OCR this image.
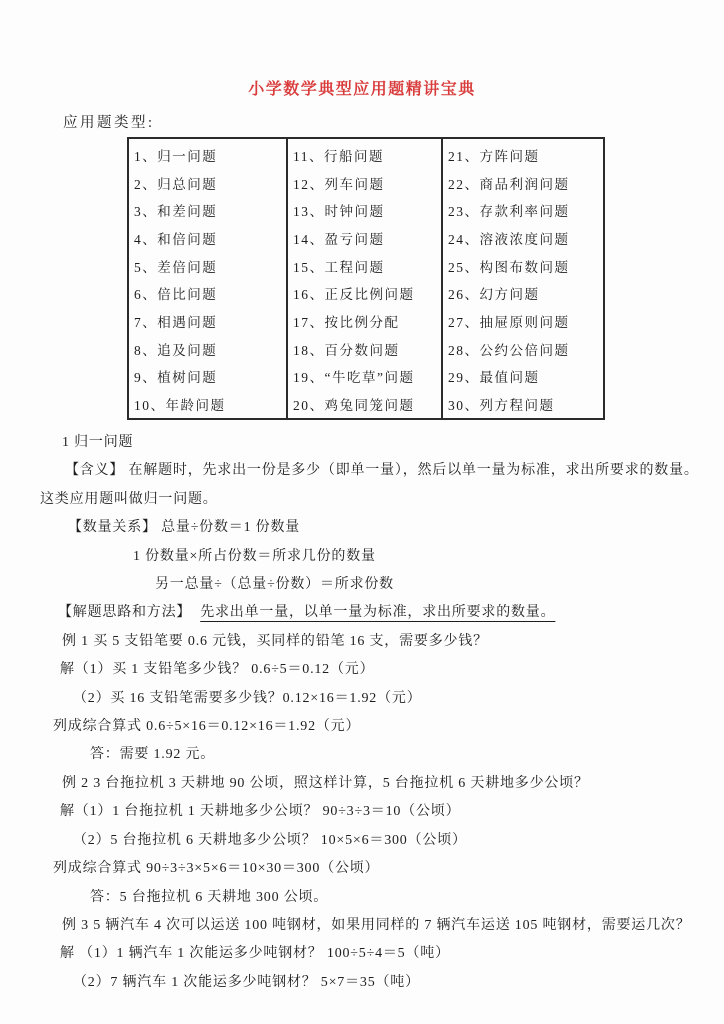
小学数学典型应用题精讲宝典
应用题类型:
1、归一问题
2、归总问题
3、和差问题
4、和倍问题
5、差倍问题
6、倍比问题
7、相遇问题
8、追及问题
9、植树问题
10、年龄问题
11、行船问题
12、列车问题
13、时钟问题
14、盈亏问题
15、工程问题
16、正反比例问题
17、按比例分配
18、百分数问题
19、“牛吃草”问题
20、鸡兔同笼问题
21、方阵问题
22、商品利润问题
23、存款利率问题
24、溶液浓度问题
25、构图布数问题
26、幻方问题
27、抽屉原则问题
28、公约公倍问题
29、最值问题
30、列方程问题

1 归一问题

【含义】 在解题时，先求出一份是多少（即单一量），然后以单一量为标准，求出所要求的数量。这类应用题叫做归一问题。

【数量关系】 总量÷份数＝1 份数量

1 份数量×所占份数＝所求几份的数量

另一总量÷（总量÷份数）＝所求份数

【解题思路和方法】 先求出单一量，以单一量为标准，求出所要求的数量。

例 1 买 5 支铅笔要 0.6 元钱，买同样的铅笔 16 支，需要多少钱？

解（1）买 1 支铅笔多少钱？ 0.6÷5＝0.12（元）

（2）买 16 支铅笔需要多少钱？0.12×16＝1.92（元）

列成综合算式 0.6÷5×16＝0.12×16＝1.92（元）

答：需要 1.92 元。

例 2 3 台拖拉机 3 天耕地 90 公顷，照这样计算，5 台拖拉机 6 天耕地多少公顷？

解（1）1 台拖拉机 1 天耕地多少公顷？ 90÷3÷3＝10（公顷）

（2）5 台拖拉机 6 天耕地多少公顷？ 10×5×6＝300（公顷）

列成综合算式 90÷3÷3×5×6＝10×30＝300（公顷）

答：5 台拖拉机 6 天耕地 300 公顷。

例 3 5 辆汽车 4 次可以运送 100 吨钢材，如果用同样的 7 辆汽车运送 105 吨钢材，需要运几次？

解 （1）1 辆汽车 1 次能运多少吨钢材？ 100÷5÷4＝5（吨）

（2）7 辆汽车 1 次能运多少吨钢材？ 5×7＝35（吨）
